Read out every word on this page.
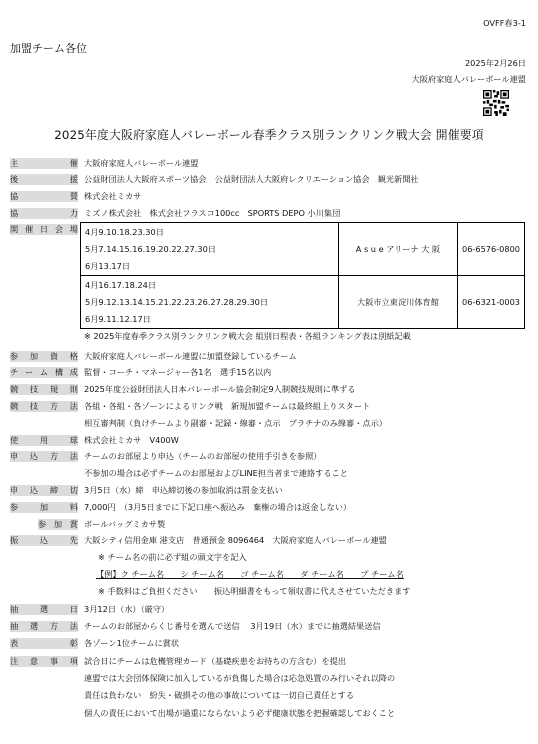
OVFF春3-1
加盟チーム各位
2025年2月26日
大阪府家庭人バレーボール連盟
2025年度大阪府家庭人バレーボール春季クラス別ランクリンク戦大会 開催要項
主	催 大阪府家庭人バレーボール連盟
後	援 公益財団法人大阪府スポーツ協会　公益財団法人大阪府レクリエーション協会　観光新聞社
協	賛 株式会社ミカサ
協	力 ミズノ株式会社　株式会社フラスコ100cc　SPORTS DEPO 小川集団
開 催 日 会 場 4月9.10.18.23.30日
5月7.14.15.16.19.20.22.27.30日
6月13.17日	A s u e アリーナ 大 阪	06-6576-0800

4月16.17.18.24日
5月9.12.13.14.15.21.22.23.26.27.28.29.30日
6月9.11.12.17日	大阪市立東淀川体育館	06-6321-0003
※ 2025年度春季クラス別ランクリンク戦大会 組別日程表・各組ランキング表は別紙記載
参 加 資 格 大阪府家庭人バレーボール連盟に加盟登録しているチーム
チ ー ム 構 成 監督・コーチ・マネージャー各1名　選手15名以内
競 技 規 則 2025年度公益財団法人日本バレーボール協会制定9人制競技規則に準ずる
競 技 方 法 各組・各組・各ゾーンによるリンク戦　新規加盟チームは最終組上りスタート
相互審判制（負けチームより副審・記録・線審・点示　プラチナのみ線審・点示）
使	用	球 株式会社ミカサ　V400W
申 込 方 法 チームのお部屋より申込（チームのお部屋の使用手引きを参照）
不参加の場合は必ずチームのお部屋およびLINE担当者まで連絡すること
申 込 締 切 3月5日（水）締　申込締切後の参加取消は罰金支払い
参	加	料 7,000円　（3月5日までに下記口座へ振込み　棄権の場合は返金しない）
参 加 賞 ボールバッグミカサ製
振	込	先 大阪シティ信用金庫 港支店　普通預金 8096464　大阪府家庭人バレーボール連盟
※ チーム名の前に必ず組の頭文字を記入
【例】ク チーム名　　シ チーム名　　ゴ チーム名　　ダ チーム名　　プ チーム名
※ 手数料はご負担ください　　振込明細書をもって領収書に代えさせていただきます
抽	選	日 3月12日（水）（厳守）
抽 選 方 法 チームのお部屋からくじ番号を選んで送信　 3月19日（水）までに抽選結果送信
表	彰 各ゾーン1位チームに賞状
注 意 事 項 試合日にチームは危機管理カード（基礎疾患をお持ちの方含む）を提出
連盟では大会団体保険に加入しているが負傷した場合は応急処置のみ行いそれ以降の
責任は負わない　紛失・破損その他の事故については一切自己責任とする
個人の責任において出場が過重にならないよう必ず健康状態を把握確認しておくこと
